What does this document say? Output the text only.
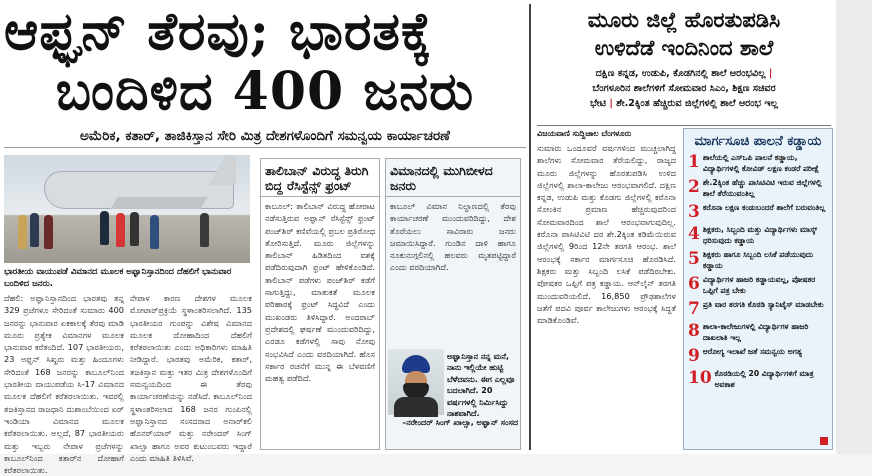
ಆಫ್ಘನ್ ತೆರವು; ಭಾರತಕ್ಕೆ
ಬಂದಿಳಿದ 400 ಜನರು
ಅಮೆರಿಕ, ಕತಾರ್, ತಾಜಿಕಿಸ್ತಾನ ಸೇರಿ ಮಿತ್ರ ದೇಶಗಳೊಂದಿಗೆ ಸಮನ್ವಯ ಕಾರ್ಯಾಚರಣೆ
ಭಾರತೀಯ ವಾಯುಪಡೆ ವಿಮಾನದ ಮೂಲಕ ಅಫ್ಘಾನಿಸ್ತಾನದಿಂದ ದೆಹಲಿಗೆ ಭಾನುವಾರ ಬಂದಿಳಿದ ಜನರು.
ದೆಹಲಿ: ಅಫ್ಘಾನಿಸ್ತಾನದಿಂದ ಭಾರತವು ತನ್ನ 329 ಪ್ರಜೆಗಳೂ ಸೇರಿದಂತೆ ಸುಮಾರು 400 ಜನರನ್ನು ಭಾನುವಾರ ಏಕಕಾಲಕ್ಕೆ ತೆರವು ಮಾಡಿ ಮೂರು ಪ್ರತ್ಯೇಕ ವಿಮಾನಗಳ ಮೂಲಕ ಭಾನುವಾರ ಕರೆತಂದಿದೆ. 107 ಭಾರತೀಯರು, 23 ಅಫ್ಘನ್ ಸಿಖ್ಖರು ಮತ್ತು ಹಿಂದೂಗಳು ಸೇರಿದಂತೆ 168 ಜನರನ್ನು ಕಾಬೂಲ್‌ನಿಂದ ಭಾರತೀಯ ವಾಯುಪಡೆಯ ಸಿ-17 ವಿಮಾನದ ಮೂಲಕ ದೆಹಲಿಗೆ ಕರೆತರಲಾಯಿತು. ಇವರಲ್ಲಿ ತಜಕಿಸ್ತಾನದ ರಾಜಧಾನಿ ದುಶಾಂಬೆಯಿಂದ ಏರ್ ಇಂಡಿಯಾ ವಿಮಾನದ ಮೂಲಕ ಕರೆತರಲಾಯಿತು. ಅಲ್ಲದೆ, 87 ಭಾರತೀಯರು ಮತ್ತು ಇಬ್ಬರು ನೇಪಾಳ ಪ್ರಜೆಗಳನ್ನು ಕಾಬೂಲ್‌ನಿಂದ ಕತಾರ್‌ನ ದೋಹಾಗೆ ಕರೆತರಲಾಯಿತು.
ನೇಪಾಳ ಕಾರಣ ದೇಶಗಳ ಮೂಲಕ ಮೋಟಾರ್‌ಪ್ರಕ್ರಿಯೆ ಸ್ಥಳಾಂತರಿಸಲಾಗಿದೆ. 135 ಭಾರತೀಯರ ಗುಂಪನ್ನು ವಿಶೇಷ ವಿಮಾನದ ಮೂಲಕ ದೋಹಾದಿಂದ ದೆಹಲಿಗೆ ಕರೆತರಲಾಯಿತು ಎಂದು ಅಧಿಕಾರಿಗಳು ಮಾಹಿತಿ ನೀಡಿದ್ದಾರೆ. ಭಾರತವು ಅಮೆರಿಕ, ಕತಾರ್, ತಜಕಿಸ್ತಾನ ಮತ್ತು ಇತರ ಮಿತ್ರ ದೇಶಗಳೊಂದಿಗೆ ಸಮನ್ವಯದಿಂದ ಈ ತೆರವು ಕಾರ್ಯಾಚರಣೆಯನ್ನು ನಡೆಸಿದೆ. ಕಾಬೂಲ್‌ನಿಂದ ಸ್ಥಳಾಂತರಿಸಲಾದ 168 ಜನರ ಗುಂಪಿನಲ್ಲಿ ಅಫ್ಘಾನಿಸ್ತಾನದ ಸಂಸದರಾದ ಅನಾರ್‌ಕಲಿ ಹೊನರ್‌ಯಾರ್ ಮತ್ತು ನರೇಂದರ್ ಸಿಂಗ್ ಖಾಲ್ಸಾ ಹಾಗೂ ಅವರ ಕುಟುಂಬವರು ಇದ್ದಾರೆ ಎಂದು ಮಾಹಿತಿ ತಿಳಿಸಿವೆ.
ತಾಲಿಬಾನ್ ವಿರುದ್ಧ ತಿರುಗಿ ಬಿದ್ದ ರೆಸಿಸ್ಟೆನ್ಸ್ ಫ್ರಂಟ್

ಕಾಬೂಲ್: ತಾಲಿಬಾನ್ ವಿರುದ್ಧ ಹೋರಾಟ ನಡೆಸುತ್ತಿರುವ ಅಫ್ಘಾನ್ ರೆಸಿಸ್ಟೆನ್ಸ್ ಫ್ರಂಟ್ ಪಂಜ್‌ಶಿರ್ ಕಣಿವೆಯಲ್ಲಿ ಪ್ರಬಲ ಪ್ರತಿರೋಧ ತೋರಿಸುತ್ತಿದೆ. ಮೂರು ಜಿಲ್ಲೆಗಳನ್ನು ತಾಲಿಬಾನ್ ಹಿಡಿತದಿಂದ ವಶಕ್ಕೆ ಪಡೆದಿರುವುದಾಗಿ ಫ್ರಂಟ್ ಹೇಳಿಕೊಂಡಿದೆ. ತಾಲಿಬಾನ್ ಪಡೆಗಳು ಪಂಜ್‌ಶಿರ್ ಕಡೆಗೆ ಸಾಗುತ್ತಿದ್ದು, ಮಾತುಕತೆ ಮೂಲಕ ಪರಿಹಾರಕ್ಕೆ ಫ್ರಂಟ್ ಸಿದ್ಧವಿದೆ ಎಂದು ಮುಖಂಡರು ತಿಳಿಸಿದ್ದಾರೆ. ಅಂದರಾಬ್ ಪ್ರದೇಶದಲ್ಲಿ ಘರ್ಷಣೆ ಮುಂದುವರಿದಿದ್ದು, ಎರಡೂ ಕಡೆಗಳಲ್ಲಿ ಸಾವು ನೋವು ಸಂಭವಿಸಿದೆ ಎಂದು ವರದಿಯಾಗಿದೆ. ಹೊಸ ಸರ್ಕಾರ ರಚನೆಗೆ ಮುನ್ನ ಈ ಬೆಳವಣಿಗೆ ಮಹತ್ವ ಪಡೆದಿದೆ.

ವಿಮಾನದಲ್ಲಿ ಮುಗಿಬೀಳದ ಜನರು
ಕಾಬೂಲ್ ವಿಮಾನ ನಿಲ್ದಾಣದಲ್ಲಿ ತೆರವು ಕಾರ್ಯಾಚರಣೆ ಮುಂದುವರಿದಿದ್ದು, ದೇಶ ತೊರೆಯಲು ಸಾವಿರಾರು ಜನರು ಜಮಾಯಿಸಿದ್ದಾರೆ. ಗುಂಡಿನ ದಾಳಿ ಹಾಗೂ ನೂಕುನುಗ್ಗಲಿನಲ್ಲಿ ಹಲವರು ಮೃತಪಟ್ಟಿದ್ದಾರೆ ಎಂದು ವರದಿಯಾಗಿದೆ.
ಅಫ್ಘಾನಿಸ್ತಾನ ನನ್ನ ಮನೆ, ನಾನು ಇಲ್ಲಿಯೇ ಹುಟ್ಟಿ ಬೆಳೆದವನು. ಈಗ ಎಲ್ಲವೂ ಬದಲಾಗಿದೆ. 20 ವರ್ಷಗಳಲ್ಲಿ ನಿರ್ಮಿಸಿದ್ದು ನಾಶವಾಗಿದೆ.
–ನರೇಂದರ್ ಸಿಂಗ್ ಖಾಲ್ಸಾ, ಅಫ್ಘಾನ್ ಸಂಸದ
ಮೂರು ಜಿಲ್ಲೆ ಹೊರತುಪಡಿಸಿ
ಉಳಿದೆಡೆ ಇಂದಿನಿಂದ ಶಾಲೆ
ದಕ್ಷಿಣ ಕನ್ನಡ, ಉಡುಪಿ, ಕೊಡಗಿನಲ್ಲಿ ಶಾಲೆ ಆರಂಭವಿಲ್ಲ |
ಬೆಂಗಳೂರಿನ ಶಾಲೆಗಳಿಗೆ ಸೋಮವಾರ ಸಿಎಂ, ಶಿಕ್ಷಣ ಸಚಿವರ
ಭೇಟಿ | ಶೇ.2ಕ್ಕಿಂತ ಹೆಚ್ಚಿರುವ ಜಿಲ್ಲೆಗಳಲ್ಲಿ ಶಾಲೆ ಆರಂಭ ಇಲ್ಲ
ವಿಜಯವಾಣಿ ಸುದ್ದಿಜಾಲ ಬೆಂಗಳೂರು
ಸುಮಾರು ಒಂದೂವರೆ ವರ್ಷಗಳಿಂದ ಮುಚ್ಚಲಾಗಿದ್ದ ಶಾಲೆಗಳು ಸೋಮವಾರ ತೆರೆಯಲಿದ್ದು, ರಾಜ್ಯದ ಮೂರು ಜಿಲ್ಲೆಗಳನ್ನು ಹೊರತುಪಡಿಸಿ ಉಳಿದ ಜಿಲ್ಲೆಗಳಲ್ಲಿ ಶಾಲಾ-ಕಾಲೇಜು ಆರಂಭವಾಗಲಿದೆ. ದಕ್ಷಿಣ ಕನ್ನಡ, ಉಡುಪಿ ಮತ್ತು ಕೊಡಗು ಜಿಲ್ಲೆಗಳಲ್ಲಿ ಕರೊನಾ ಸೋಂಕಿನ ಪ್ರಮಾಣ ಹೆಚ್ಚಿರುವುದರಿಂದ ಸೋಮವಾರದಿಂದ ಶಾಲೆ ಆರಂಭವಾಗುವುದಿಲ್ಲ. ಕರೊನಾ ಪಾಸಿಟಿವಿಟಿ ದರ ಶೇ.2ಕ್ಕಿಂತ ಕಡಿಮೆಯಿರುವ ಜಿಲ್ಲೆಗಳಲ್ಲಿ 9ರಿಂದ 12ನೇ ತರಗತಿ ಆರಂಭ. ಶಾಲೆ ಆರಂಭಕ್ಕೆ ಸರ್ಕಾರ ಮಾರ್ಗಸೂಚಿ ಹೊರಡಿಸಿದೆ. ಶಿಕ್ಷಕರು ಮತ್ತು ಸಿಬ್ಬಂದಿ ಲಸಿಕೆ ಪಡೆದಿರಬೇಕು. ಪೋಷಕರ ಒಪ್ಪಿಗೆ ಪತ್ರ ಕಡ್ಡಾಯ. ಆನ್‌ಲೈನ್ ತರಗತಿ ಮುಂದುವರಿಯಲಿದೆ. 16,850 ಪ್ರೌಢಶಾಲೆಗಳ ಜತೆಗೆ ಪದವಿ ಪೂರ್ವ ಕಾಲೇಜುಗಳು ಆರಂಭಕ್ಕೆ ಸಿದ್ಧತೆ ಮಾಡಿಕೊಂಡಿವೆ.
ಮಾರ್ಗಸೂಚಿ ಪಾಲನೆ ಕಡ್ಡಾಯ
1 ಶಾಲೆಯಲ್ಲಿ ಎಸ್‌ಒಪಿ ಪಾಲನೆ ಕಡ್ಡಾಯ, ವಿದ್ಯಾರ್ಥಿಗಳಲ್ಲಿ ಕೋವಿಡ್ ಲಕ್ಷಣ ಕಂಡರೆ ಪರೀಕ್ಷೆ
2 ಶೇ.2ಕ್ಕಿಂತ ಹೆಚ್ಚು ಪಾಸಿಟಿವಿಟಿ ಇರುವ ಜಿಲ್ಲೆಗಳಲ್ಲಿ ಶಾಲೆ ತೆರೆಯುವಂತಿಲ್ಲ
3 ಕರೊನಾ ಲಕ್ಷಣ ಕಂಡುಬಂದರೆ ಶಾಲೆಗೆ ಬರುವಂತಿಲ್ಲ
4 ಶಿಕ್ಷಕರು, ಸಿಬ್ಬಂದಿ ಮತ್ತು ವಿದ್ಯಾರ್ಥಿಗಳು ಮಾಸ್ಕ್ ಧರಿಸುವುದು ಕಡ್ಡಾಯ
5 ಶಿಕ್ಷಕರು ಹಾಗೂ ಸಿಬ್ಬಂದಿ ಲಸಿಕೆ ಪಡೆಯುವುದು ಕಡ್ಡಾಯ
6 ವಿದ್ಯಾರ್ಥಿಗಳ ಹಾಜರಿ ಕಡ್ಡಾಯವಲ್ಲ, ಪೋಷಕರ ಒಪ್ಪಿಗೆ ಪತ್ರ ಬೇಕು
7 ಪ್ರತಿ ವಾರ ತರಗತಿ ಕೊಠಡಿ ಸ್ಯಾನಿಟೈಸ್ ಮಾಡಬೇಕು
8 ಶಾಲಾ-ಕಾಲೇಜುಗಳಲ್ಲಿ ವಿದ್ಯಾರ್ಥಿಗಳ ಹಾಜರಿ ದಾಖಲಾತಿ ಇಲ್ಲ
9 ಆರೋಗ್ಯ ಇಲಾಖೆ ಜತೆ ಸಮನ್ವಯ ಅಗತ್ಯ
10 ಕೊಠಡಿಯಲ್ಲಿ 20 ವಿದ್ಯಾರ್ಥಿಗಳಿಗೆ ಮಾತ್ರ ಅವಕಾಶ
